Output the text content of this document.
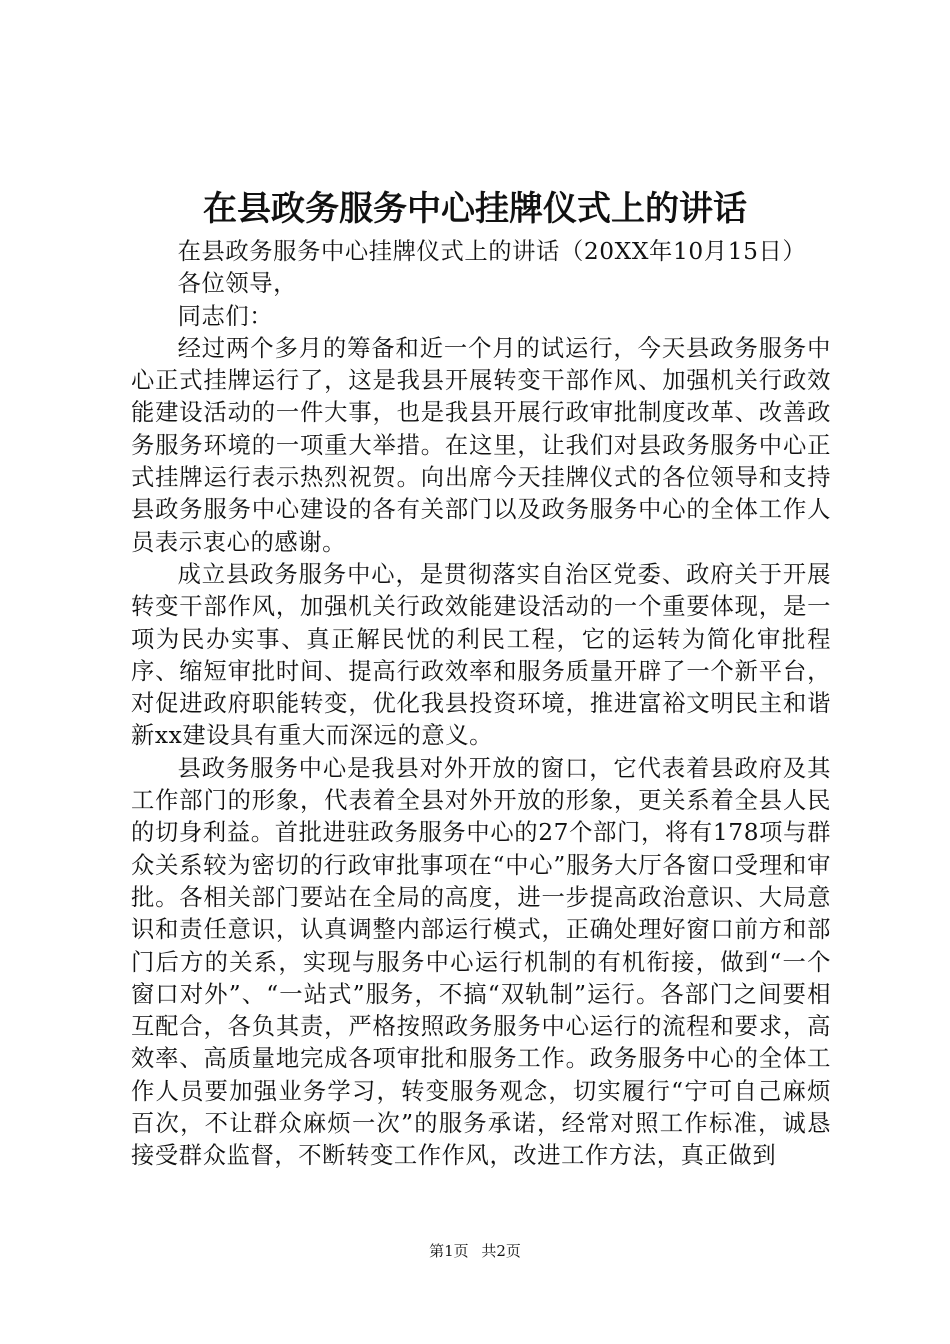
在县政务服务中心挂牌仪式上的讲话

在县政务服务中心挂牌仪式上的讲话（20XX年10月15日）

各位领导，

同志们：

经过两个多月的筹备和近一个月的试运行，今天县政务服务中心正式挂牌运行了，这是我县开展转变干部作风、加强机关行政效能建设活动的一件大事，也是我县开展行政审批制度改革、改善政务服务环境的一项重大举措。在这里，让我们对县政务服务中心正式挂牌运行表示热烈祝贺。向出席今天挂牌仪式的各位领导和支持县政务服务中心建设的各有关部门以及政务服务中心的全体工作人员表示衷心的感谢。

成立县政务服务中心，是贯彻落实自治区党委、政府关于开展转变干部作风，加强机关行政效能建设活动的一个重要体现，是一项为民办实事、真正解民忧的利民工程，它的运转为简化审批程序、缩短审批时间、提高行政效率和服务质量开辟了一个新平台，对促进政府职能转变，优化我县投资环境，推进富裕文明民主和谐新xx建设具有重大而深远的意义。

县政务服务中心是我县对外开放的窗口，它代表着县政府及其工作部门的形象，代表着全县对外开放的形象，更关系着全县人民的切身利益。首批进驻政务服务中心的27个部门，将有178项与群众关系较为密切的行政审批事项在“中心”服务大厅各窗口受理和审批。各相关部门要站在全局的高度，进一步提高政治意识、大局意识和责任意识，认真调整内部运行模式，正确处理好窗口前方和部门后方的关系，实现与服务中心运行机制的有机衔接，做到“一个窗口对外”、“一站式”服务，不搞“双轨制”运行。各部门之间要相互配合，各负其责，严格按照政务服务中心运行的流程和要求，高效率、高质量地完成各项审批和服务工作。政务服务中心的全体工作人员要加强业务学习，转变服务观念，切实履行“宁可自己麻烦百次，不让群众麻烦一次”的服务承诺，经常对照工作标准，诚恳接受群众监督，不断转变工作作风，改进工作方法，真正做到

第1页 共2页
